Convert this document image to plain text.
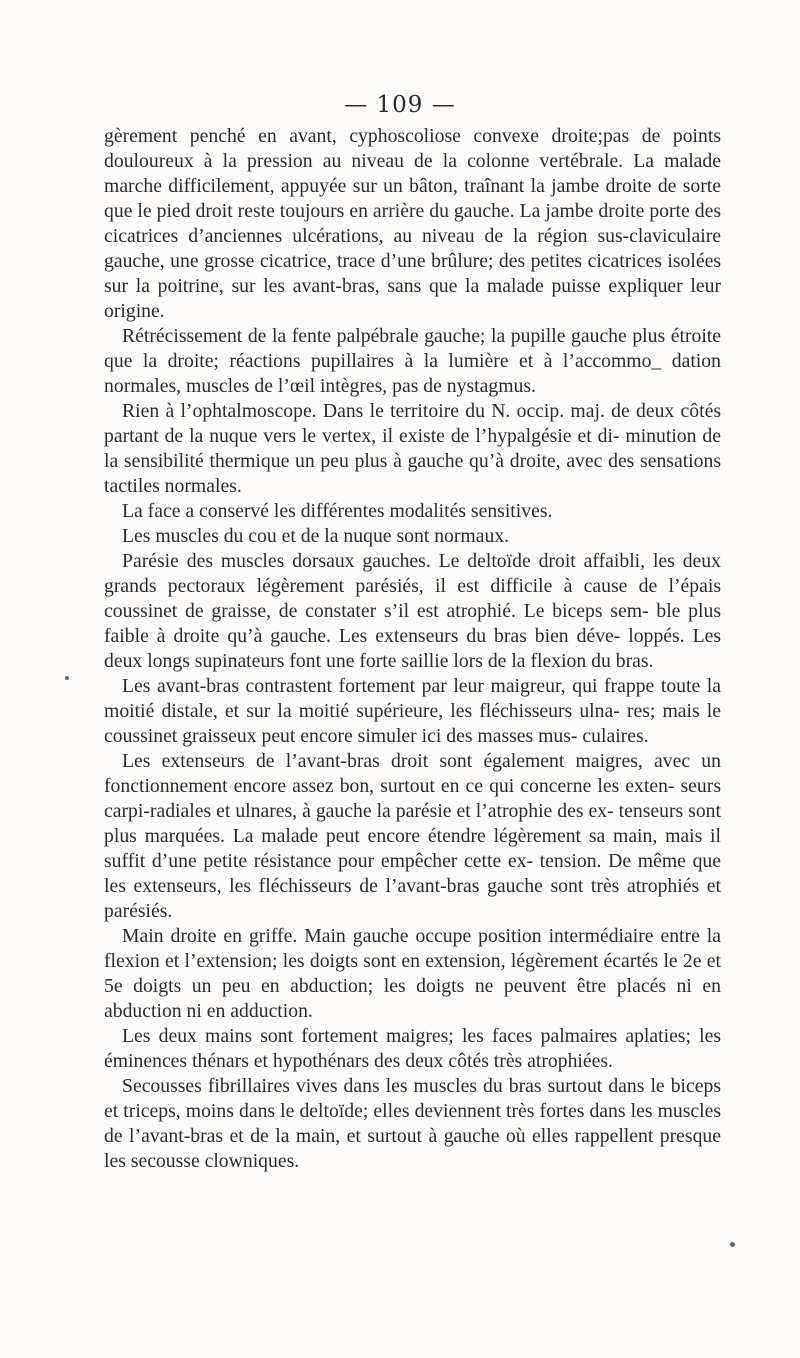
— 109 —

gèrement penché en avant, cyphoscoliose convexe droite;pas de points douloureux à la pression au niveau de la colonne vertébrale. La malade marche difficilement, appuyée sur un bâton, traînant la jambe droite de sorte que le pied droit reste toujours en arrière du gauche. La jambe droite porte des cicatrices d’anciennes ulcérations, au niveau de la région sus-claviculaire gauche, une grosse cicatrice, trace d’une brûlure; des petites cicatrices isolées sur la poitrine, sur les avant-bras, sans que la malade puisse expliquer leur origine.

Rétrécissement de la fente palpébrale gauche; la pupille gauche plus étroite que la droite; réactions pupillaires à la lumière et à l’accommo_ dation normales, muscles de l’œil intègres, pas de nystagmus.

Rien à l’ophtalmoscope. Dans le territoire du N. occip. maj. de deux côtés partant de la nuque vers le vertex, il existe de l’hypalgésie et di- minution de la sensibilité thermique un peu plus à gauche qu’à droite, avec des sensations tactiles normales.

La face a conservé les différentes modalités sensitives.

Les muscles du cou et de la nuque sont normaux.

Parésie des muscles dorsaux gauches. Le deltoïde droit affaibli, les deux grands pectoraux légèrement parésiés, il est difficile à cause de l’épais coussinet de graisse, de constater s’il est atrophié. Le biceps sem- ble plus faible à droite qu’à gauche. Les extenseurs du bras bien déve- loppés. Les deux longs supinateurs font une forte saillie lors de la flexion du bras.

Les avant-bras contrastent fortement par leur maigreur, qui frappe toute la moitié distale, et sur la moitié supérieure, les fléchisseurs ulna- res; mais le coussinet graisseux peut encore simuler ici des masses mus- culaires.

Les extenseurs de l’avant-bras droit sont également maigres, avec un fonctionnement encore assez bon, surtout en ce qui concerne les exten- seurs carpi-radiales et ulnares, à gauche la parésie et l’atrophie des ex- tenseurs sont plus marquées. La malade peut encore étendre légèrement sa main, mais il suffit d’une petite résistance pour empêcher cette ex- tension. De même que les extenseurs, les fléchisseurs de l’avant-bras gauche sont très atrophiés et parésiés.

Main droite en griffe. Main gauche occupe position intermédiaire entre la flexion et l’extension; les doigts sont en extension, légèrement écartés le 2e et 5e doigts un peu en abduction; les doigts ne peuvent être placés ni en abduction ni en adduction.

Les deux mains sont fortement maigres; les faces palmaires aplaties; les éminences thénars et hypothénars des deux côtés très atrophiées.

Secousses fibrillaires vives dans les muscles du bras surtout dans le biceps et triceps, moins dans le deltoïde; elles deviennent très fortes dans les muscles de l’avant-bras et de la main, et surtout à gauche où elles rappellent presque les secousse clowniques.
